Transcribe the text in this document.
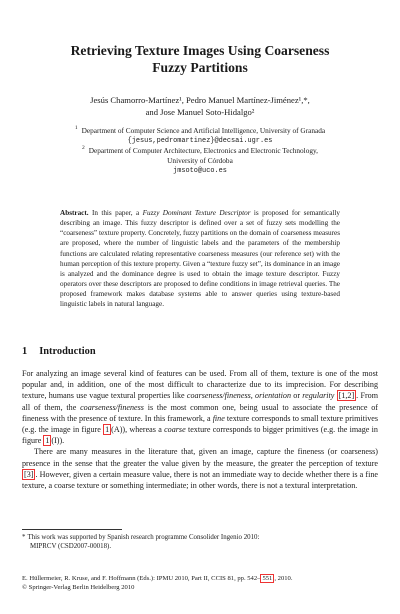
Retrieving Texture Images Using Coarseness
Fuzzy Partitions
Jesús Chamorro-Martínez¹, Pedro Manuel Martínez-Jiménez¹,*,
and Jose Manuel Soto-Hidalgo²
1 Department of Computer Science and Artificial Intelligence, University of Granada
{jesus,pedromartinez}@decsai.ugr.es
2 Department of Computer Architecture, Electronics and Electronic Technology,
University of Córdoba
jmsoto@uco.es
Abstract. In this paper, a Fuzzy Dominant Texture Descriptor is proposed for semantically describing an image. This fuzzy descriptor is defined over a set of fuzzy sets modelling the “coarseness” texture property. Concretely, fuzzy partitions on the domain of coarseness measures are proposed, where the number of linguistic labels and the parameters of the membership functions are calculated relating representative coarseness measures (our reference set) with the human perception of this texture property. Given a “texture fuzzy set”, its dominance in an image is analyzed and the dominance degree is used to obtain the image texture descriptor. Fuzzy operators over these descriptors are proposed to define conditions in image retrieval queries. The proposed framework makes database systems able to answer queries using texture-based linguistic labels in natural language.
1 Introduction

For analyzing an image several kind of features can be used. From all of them, texture is one of the most popular and, in addition, one of the most difficult to characterize due to its imprecision. For describing texture, humans use vague textural properties like coarseness/fineness, orientation or regularity [1,2] . From all of them, the coarseness/fineness is the most common one, being usual to associate the presence of fineness with the presence of texture. In this framework, a fine texture corresponds to small texture primitives (e.g. the image in figure 1 (A)), whereas a coarse texture corresponds to bigger primitives (e.g. the image in figure 1 (I)).

There are many measures in the literature that, given an image, capture the fineness (or coarseness) presence in the sense that the greater the value given by the measure, the greater the perception of texture [3] . However, given a certain measure value, there is not an immediate way to decide whether there is a fine texture, a coarse texture or something intermediate; in other words, there is not a textural interpretation.

* This work was supported by Spanish research programme Consolider Ingenio 2010:
MIPRCV (CSD2007-00018).
E. Hüllermeier, R. Kruse, and F. Hoffmann (Eds.): IPMU 2010, Part II, CCIS 81, pp. 542– 551 , 2010.
© Springer-Verlag Berlin Heidelberg 2010
